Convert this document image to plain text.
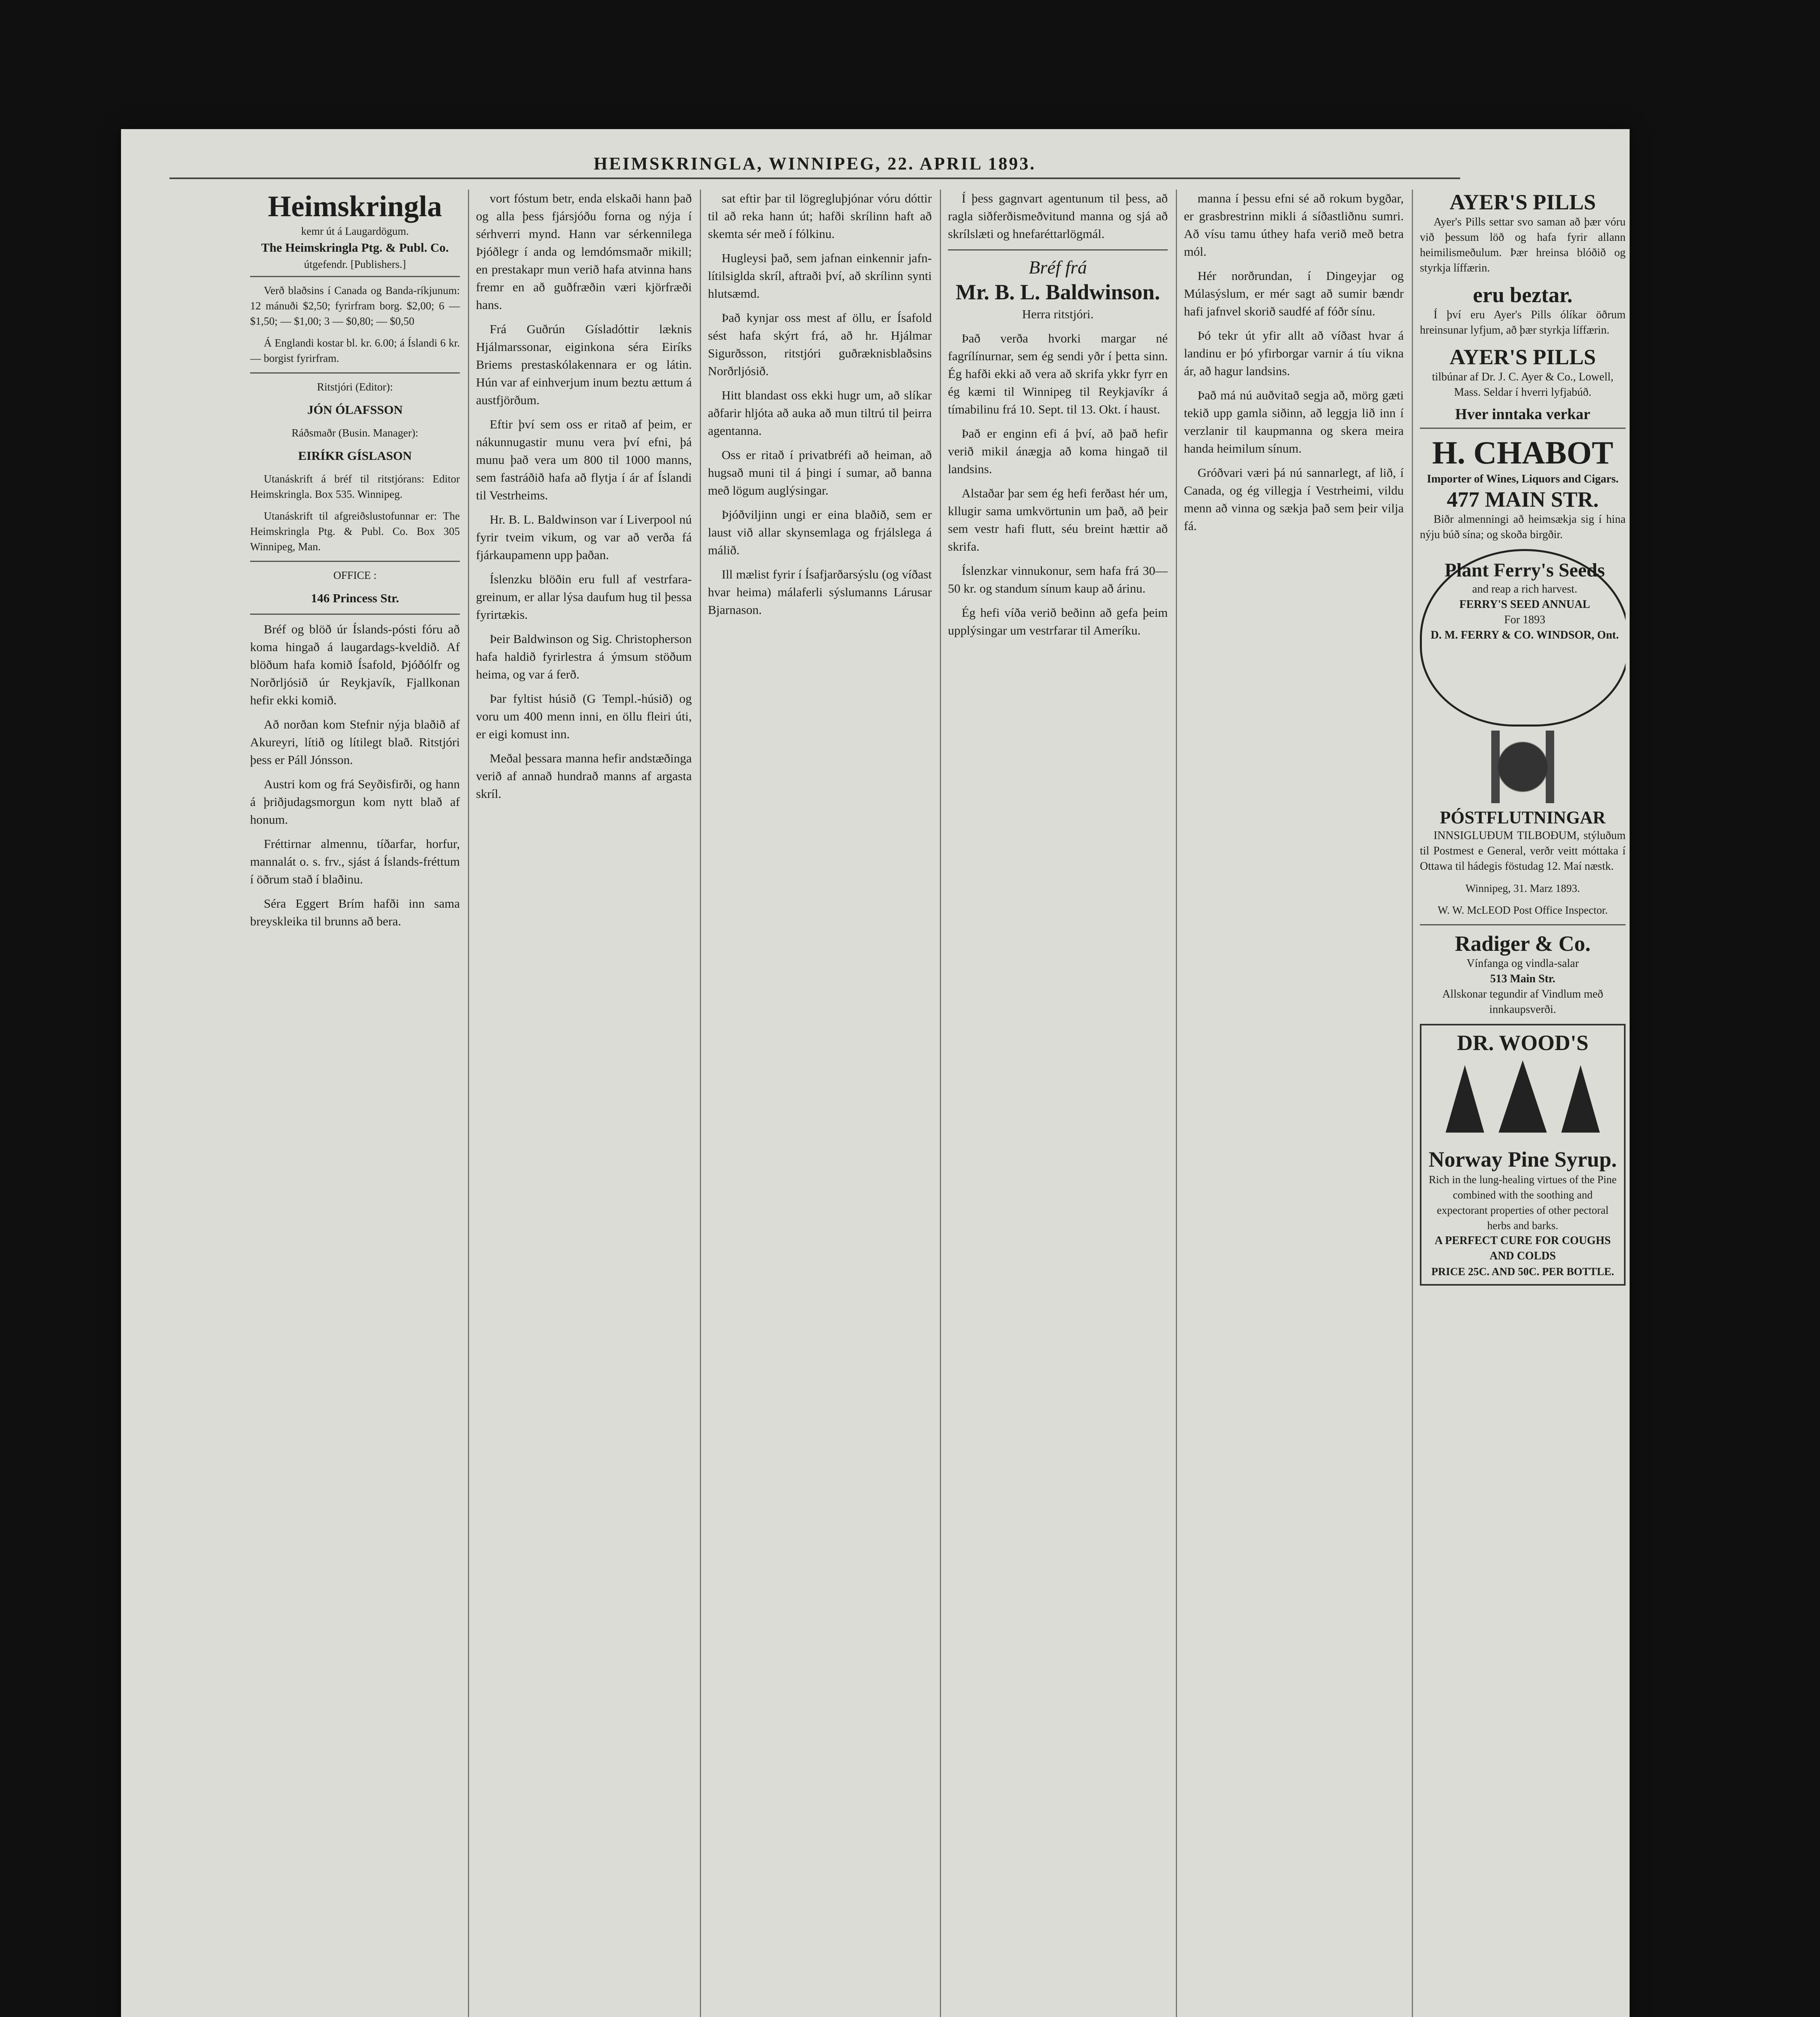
HEIMSKRINGLA, WINNIPEG, 22. APRIL 1893.
Heimskringla
kemr út á Laugardögum.
The Heimskringla Ptg. & Publ. Co.
útgefendr. [Publishers.]

Verð blaðsins í Canada og Banda-ríkjunum: 12 mánuði $2,50; fyrirfram borg. $2,00; 6 — $1,50; — $1,00; 3 — $0,80; — $0,50

Á Englandi kostar bl. kr. 6.00; á Íslandi 6 kr. — borgist fyrirfram.

Ritstjóri (Editor):

JÓN ÓLAFSSON

Ráðsmaðr (Busin. Manager):

EIRÍKR GÍSLASON

Utanáskrift á bréf til ritstjórans: Editor Heimskringla. Box 535. Winnipeg.

Utanáskrift til afgreiðslustofunnar er: The Heimskringla Ptg. & Publ. Co. Box 305 Winnipeg, Man.

OFFICE :

146 Princess Str.

Bréf og blöð úr Íslands-pósti fóru að koma hingað á laugardags-kveldið. Af blöðum hafa komið Ísafold, Þjóðólfr og Norðrljósið úr Reykjavík, Fjallkonan hefir ekki komið.

Að norðan kom Stefnir nýja blaðið af Akureyri, lítið og lítilegt blað. Ritstjóri þess er Páll Jónsson.

Austri kom og frá Seyðisfirði, og hann á þriðjudagsmorgun kom nytt blað af honum.

Fréttirnar almennu, tíðarfar, horfur, mannalát o. s. frv., sjást á Íslands-fréttum í öðrum stað í blaðinu.

Séra Eggert Brím hafði inn sama breyskleika til brunns að bera.

vort fóstum betr, enda elskaði hann það og alla þess fjársjóðu forna og nýja í sérhverri mynd. Hann var sérkennilega Þjóðlegr í anda og lemdómsmaðr mikill; en prestakapr mun verið hafa atvinna hans fremr en að guðfræðin væri kjörfræði hans.

Frá Guðrún Gísladóttir læknis Hjálmarssonar, eiginkona séra Eiríks Briems prestaskólakennara er og látin. Hún var af einhverjum inum beztu ættum á austfjörðum.

Eftir því sem oss er ritað af þeim, er nákunnugastir munu vera því efni, þá munu það vera um 800 til 1000 manns, sem fastráðið hafa að flytja í ár af Íslandi til Vestrheims.

Hr. B. L. Baldwinson var í Liverpool nú fyrir tveim vikum, og var að verða fá fjárkaupamenn upp þaðan.

Íslenzku blöðin eru full af vestrfara-greinum, er allar lýsa daufum hug til þessa fyrirtækis.

Þeir Baldwinson og Sig. Christopherson hafa haldið fyrirlestra á ýmsum stöðum heima, og var á ferð.

Þar fyltist húsið (G Templ.-húsið) og voru um 400 menn inni, en öllu fleiri úti, er eigi komust inn.

Meðal þessara manna hefir andstæðinga verið af annað hundrað manns af argasta skríl.

sat eftir þar til lögregluþjónar vóru dóttir til að reka hann út; hafði skrílinn haft að skemta sér með í fólkinu.

Hugleysi það, sem jafnan einkennir jafn-lítilsiglda skríl, aftraði því, að skrílinn synti hlutsæmd.

Það kynjar oss mest af öllu, er Ísafold sést hafa skýrt frá, að hr. Hjálmar Sigurðsson, ritstjóri guðræknisblaðsins Norðrljósið.

Hitt blandast oss ekki hugr um, að slíkar aðfarir hljóta að auka að mun tiltrú til þeirra agentanna.

Oss er ritað í privatbréfi að heiman, að hugsað muni til á þingi í sumar, að banna með lögum auglýsingar.

Þjóðviljinn ungi er eina blaðið, sem er laust við allar skynsemlaga og frjálslega á málið.

Ill mælist fyrir í Ísafjarðarsýslu (og víðast hvar heima) málaferli sýslumanns Lárusar Bjarnason.

Í þess gagnvart agentunum til þess, að ragla siðferðismeðvitund manna og sjá að skrílslæti og hnefaréttarlögmál.

Bréf frá
Mr. B. L. Baldwinson.

Herra ritstjóri.

Það verða hvorki margar né fagrílínurnar, sem ég sendi yðr í þetta sinn. Ég hafði ekki að vera að skrifa ykkr fyrr en ég kæmi til Winnipeg til Reykjavíkr á tímabilinu frá 10. Sept. til 13. Okt. í haust.

Það er enginn efi á því, að það hefir verið mikil ánægja að koma hingað til landsins.

Alstaðar þar sem ég hefi ferðast hér um, kllugir sama umkvörtunin um það, að þeir sem vestr hafi flutt, séu breint hættir að skrifa.

Íslenzkar vinnukonur, sem hafa frá 30—50 kr. og standum sínum kaup að árinu.

Ég hefi víða verið beðinn að gefa þeim upplýsingar um vestrfarar til Ameríku.

manna í þessu efni sé að rokum bygðar, er grasbrestrinn mikli á síðastliðnu sumri. Að vísu tamu úthey hafa verið með betra mól.

Hér norðrundan, í Dingeyjar og Múlasýslum, er mér sagt að sumir bændr hafi jafnvel skorið saudfé af fóðr sínu.

Þó tekr út yfir allt að víðast hvar á landinu er þó yfirborgar varnir á tíu vikna ár, að hagur landsins.

Það má nú auðvitað segja að, mörg gæti tekið upp gamla siðinn, að leggja lið inn í verzlanir til kaupmanna og skera meira handa heimilum sínum.

Gróðvari væri þá nú sannarlegt, af lið, í Canada, og ég villegja í Vestrheimi, vildu menn að vinna og sækja það sem þeir vilja fá.

AYER'S PILLS

Ayer's Pills settar svo saman að þær vóru við þessum löð og hafa fyrir allann heimilismeðulum. Þær hreinsa blóðið og styrkja líffærin.

eru beztar.

Í því eru Ayer's Pills ólíkar öðrum hreinsunar lyfjum, að þær styrkja líffærin.

AYER'S PILLS

tilbúnar af Dr. J. C. Ayer & Co., Lowell, Mass. Seldar í hverri lyfjabúð.

Hver inntaka verkar
H. CHABOT
Importer of Wines, Liquors and Cigars.
477 MAIN STR.

Biðr almenningi að heimsækja sig í hina nýju búð sína; og skoða birgðir.

Plant Ferry's Seeds
and reap a rich harvest.
FERRY'S SEED ANNUAL
For 1893
D. M. FERRY & CO. WINDSOR, Ont.
PÓSTFLUTNINGAR

INNSIGLUÐUM TILBOÐUM, stýluðum til Postmest e General, verðr veitt móttaka í Ottawa til hádegis föstudag 12. Maí næstk.

Winnipeg, 31. Marz 1893.

W. W. McLEOD Post Office Inspector.

Radiger & Co.
Vínfanga og vindla-salar
513 Main Str.

Allskonar tegundir af Vindlum með innkaupsverði.

DR. WOOD'S
Norway Pine Syrup.
Rich in the lung-healing virtues of the Pine combined with the soothing and expectorant properties of other pectoral herbs and barks.
A PERFECT CURE FOR COUGHS AND COLDS
PRICE 25C. AND 50C. PER BOTTLE.
